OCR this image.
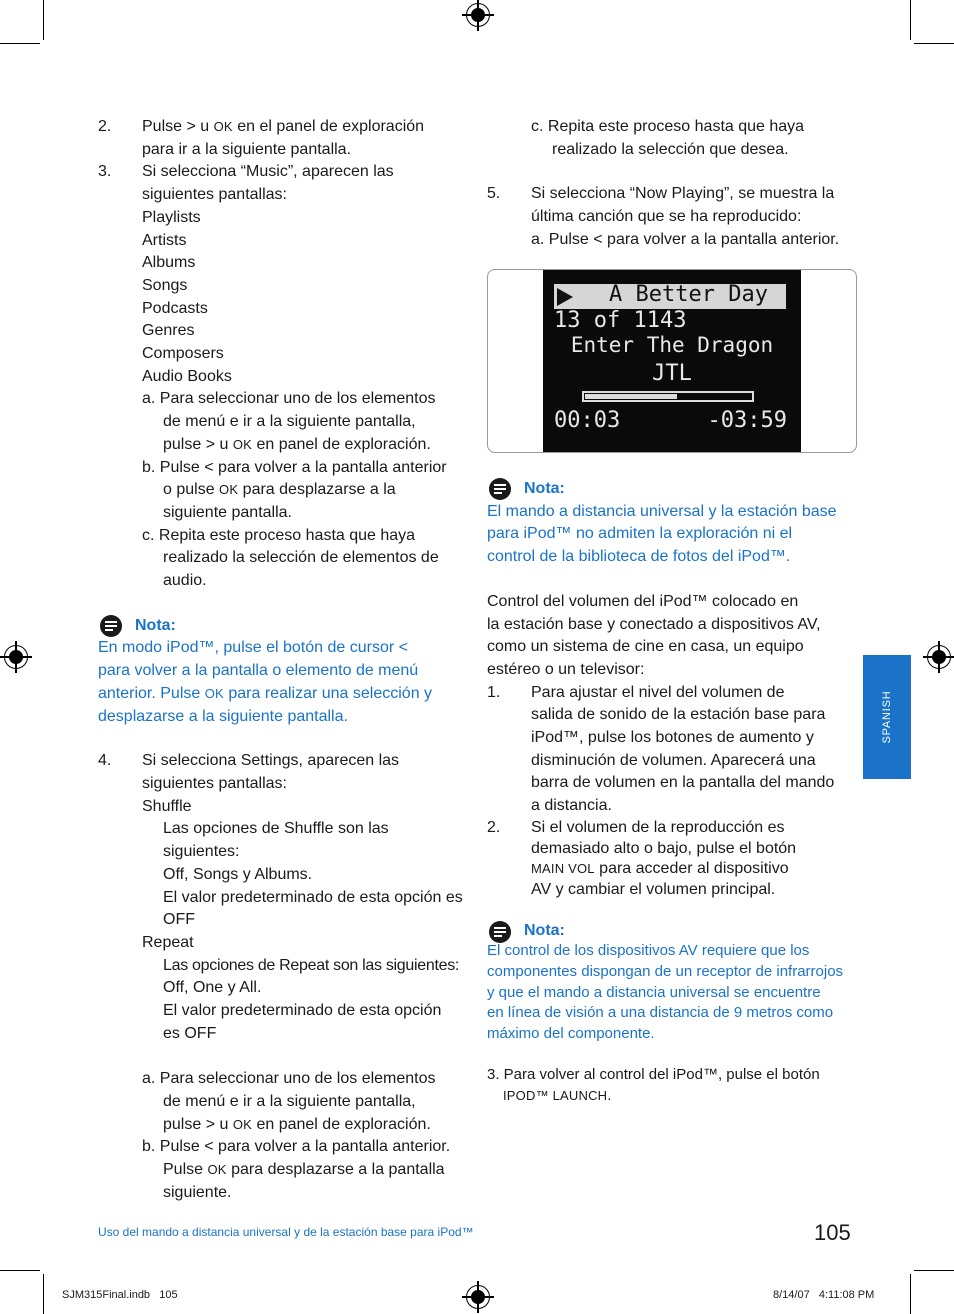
2. Pulse > u OK en el panel de exploración
para ir a la siguiente pantalla.
3. Si selecciona “Music”, aparecen las
siguientes pantallas:
Playlists
Artists
Albums
Songs
Podcasts
Genres
Composers
Audio Books
a. Para seleccionar uno de los elementos
de menú e ir a la siguiente pantalla,
pulse > u OK en panel de exploración.
b. Pulse < para volver a la pantalla anterior
o pulse OK para desplazarse a la
siguiente pantalla.
c. Repita este proceso hasta que haya
realizado la selección de elementos de
audio.
Nota:
En modo iPod™, pulse el botón de cursor <
para volver a la pantalla o elemento de menú
anterior. Pulse OK para realizar una selección y
desplazarse a la siguiente pantalla.
4. Si selecciona Settings, aparecen las
siguientes pantallas:
Shuffle
Las opciones de Shuffle son las
siguientes:
Off, Songs y Albums.
El valor predeterminado de esta opción es
OFF
Repeat
Las opciones de Repeat son las siguientes:
Off, One y All.
El valor predeterminado de esta opción
es OFF
a. Para seleccionar uno de los elementos
de menú e ir a la siguiente pantalla,
pulse > u OK en panel de exploración.
b. Pulse < para volver a la pantalla anterior.
Pulse OK para desplazarse a la pantalla
siguiente.
c. Repita este proceso hasta que haya
realizado la selección que desea.
5. Si selecciona “Now Playing”, se muestra la
última canción que se ha reproducido:
a. Pulse < para volver a la pantalla anterior.
A Better Day
13 of 1143
Enter The Dragon
JTL
00:03	-03:59
Nota:
El mando a distancia universal y la estación base
para iPod™ no admiten la exploración ni el
control de la biblioteca de fotos del iPod™.
Control del volumen del iPod™ colocado en
la estación base y conectado a dispositivos AV,
como un sistema de cine en casa, un equipo
estéreo o un televisor:
1. Para ajustar el nivel del volumen de
salida de sonido de la estación base para
iPod™, pulse los botones de aumento y
disminución de volumen. Aparecerá una
barra de volumen en la pantalla del mando
a distancia.
2. Si el volumen de la reproducción es
demasiado alto o bajo, pulse el botón
MAIN VOL para acceder al dispositivo
AV y cambiar el volumen principal.
Nota:
El control de los dispositivos AV requiere que los
componentes dispongan de un receptor de infrarrojos
y que el mando a distancia universal se encuentre
en línea de visión a una distancia de 9 metros como
máximo del componente.
3. Para volver al control del iPod™, pulse el botón
IPOD™ LAUNCH.
SPANISH
Uso del mando a distancia universal y de la estación base para iPod™	105
SJM315Final.indb   105	8/14/07   4:11:08 PM
